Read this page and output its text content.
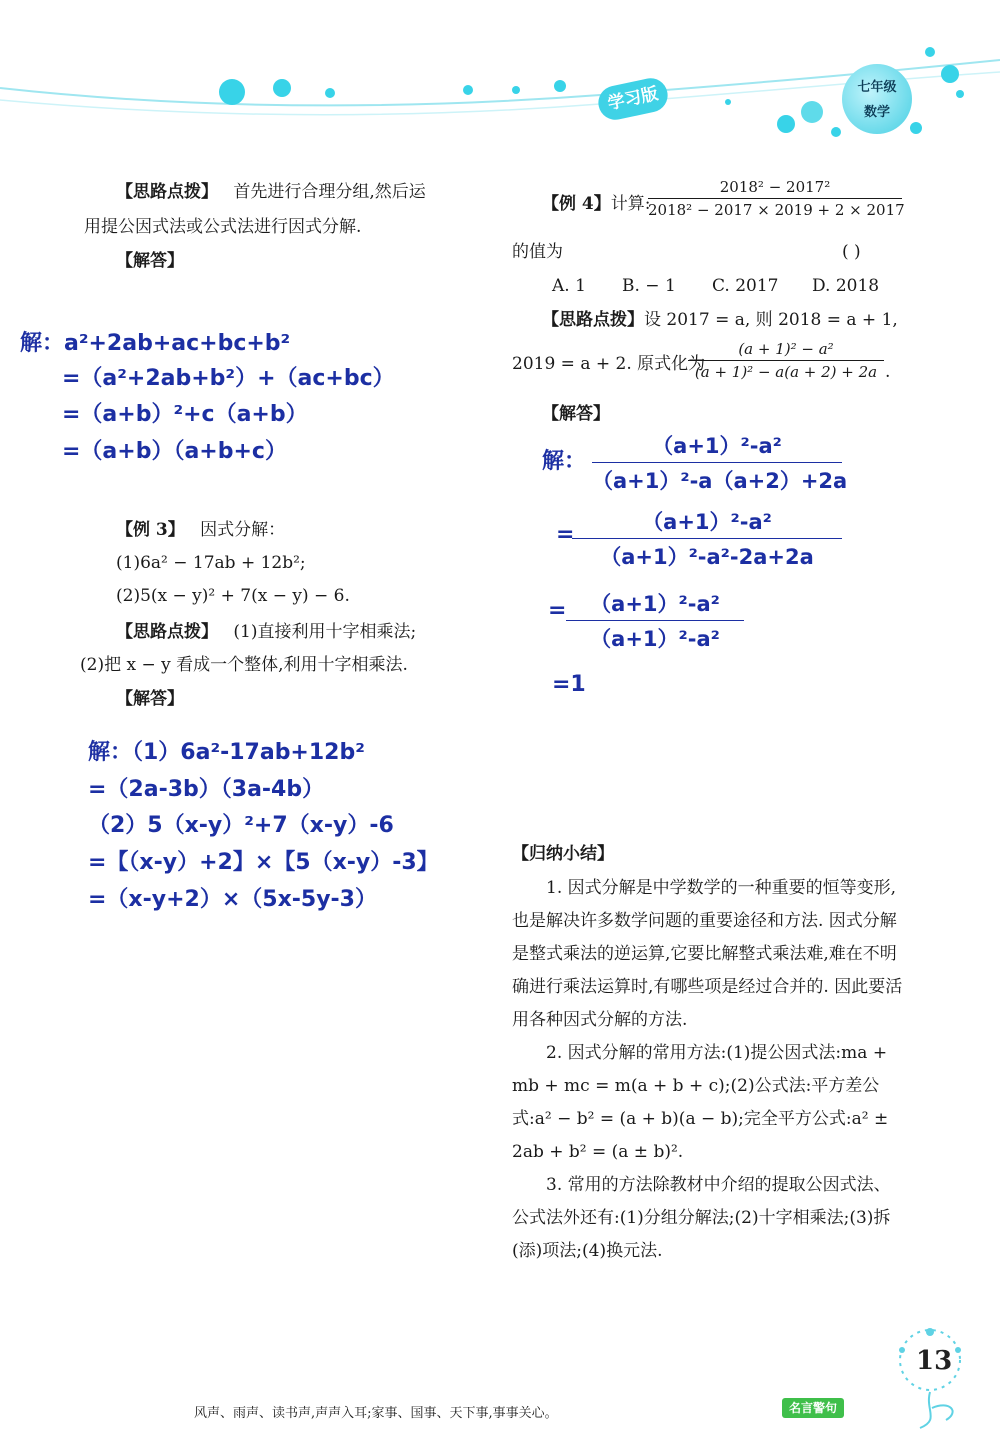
学习版	七年级
数学
【思路点拨】 首先进行合理分组,然后运
用提公因式法或公式法进行因式分解.
【解答】
解：a²+2ab+ac+bc+b²
=（a²+2ab+b²）+（ac+bc）
=（a+b）²+c（a+b）
=（a+b）（a+b+c）
【例 3】 因式分解：
(1)6a² − 17ab + 12b²;
(2)5(x − y)² + 7(x − y) − 6.
【思路点拨】 (1)直接利用十字相乘法;
(2)把 x − y 看成一个整体,利用十字相乘法.
【解答】
解：（1）6a²-17ab+12b²
=（2a-3b）（3a-4b）
（2）5（x-y）²+7（x-y）-6
=【（x-y）+2】×【5（x-y）-3】
=（x-y+2）×（5x-5y-3）
【例 4】计算:
2018² − 2017²
2018² − 2017 × 2019 + 2 × 2017
的值为	( )
A. 1 B. − 1 C. 2017 D. 2018
【思路点拨】设 2017 = a, 则 2018 = a + 1,
2019 = a + 2. 原式化为
(a + 1)² − a²
(a + 1)² − a(a + 2) + 2a .
【解答】
解：
（a+1）²-a²
（a+1）²-a（a+2）+2a
=	（a+1）²-a²
（a+1）²-a²-2a+2a
=	（a+1）²-a²
（a+1）²-a²
=1
【归纳小结】

1. 因式分解是中学数学的一种重要的恒等变形,也是解决许多数学问题的重要途径和方法. 因式分解是整式乘法的逆运算,它要比解整式乘法难,难在不明确进行乘法运算时,有哪些项是经过合并的. 因此要活用各种因式分解的方法.

2. 因式分解的常用方法:(1)提公因式法:ma + mb + mc = m(a + b + c);(2)公式法:平方差公式:a² − b² = (a + b)(a − b);完全平方公式:a² ± 2ab + b² = (a ± b)².

3. 常用的方法除教材中介绍的提取公因式法、公式法外还有:(1)分组分解法;(2)十字相乘法;(3)拆(添)项法;(4)换元法.

风声、雨声、读书声,声声入耳;家事、国事、天下事,事事关心。	名言警句
13
